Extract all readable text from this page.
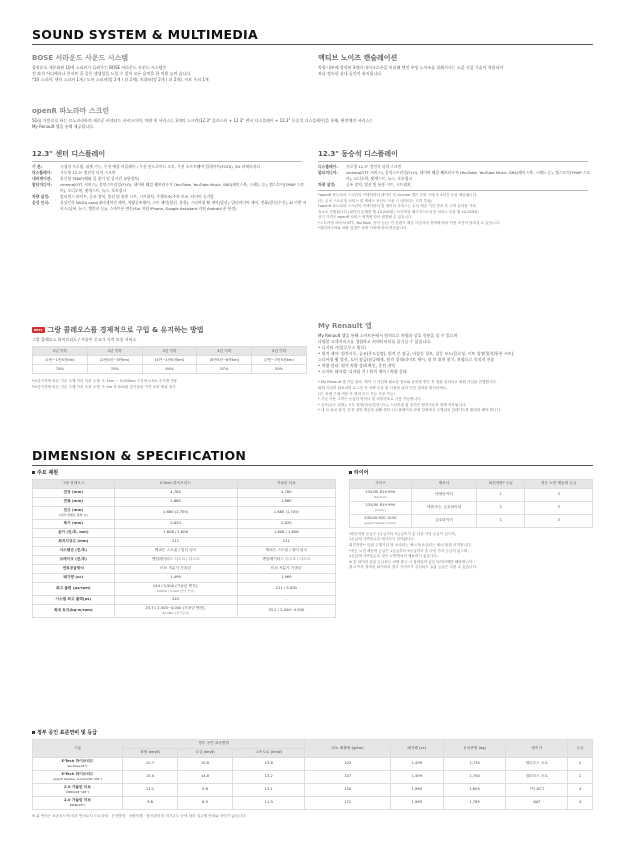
SOUND SYSTEM & MULTIMEDIA
BOSE 서라운드 사운드 시스템
음악분포 세분화된 10개 스피커가 들려주는 BOSE 서라운드 사운드 시스템은
전 좌석 어디에서나 콘서트 홀 같은 생생함을 느낄 수 있어 모든 음악을 한 차원 높여 줍니다.
*10 스피커: 센터 스피커 1개 / 도어 스피커(앞 2개 / 뒤 2개), 트위터(앞 2개 / 뒤 2개), 서브 우퍼 1개
액티브 노이즈 캔슬레이션
차량 내부에 장착된 3개의 마이크로폰을 이용해 엔진 부밍 노이즈를 상쇄시키는 소음 저감 기술이 적용되어
보다 정숙한 실내 공간이 유지됩니다.
openR 파노라마 스크린
5G를 기반으로 하는 르노코리아의 새로운 커넥티드 서비스이며, 차량 내 서비스는 3개의 스크린(12.3" 클러스터 + 12.3" 센터 디스플레이 + 12.3" 동승석 디스플레이)을 통해, 완전체의 서비스는
My Renault 앱을 통해 제공됩니다.
12.3" 센터 디스플레이
기 본:	시청자 프로필, 위젯 기능, 무선 애플 카플레이 / 무선 안드로이드 오토, 무선 소프트웨어 업데이트(FOTA), 5G 커넥티비티
닥스플레이:	가로형 12.3" 정전식 터치 스크린
내비게이션:	통신형 TMAP(해외 길 찾기 및 실시간 교통정보)
멀티미디어:	cinema(OTT 서비스), 음악스트리밍(FLO), 네이버 웨일 웹브라우저 (YouTube, YouTube Music, SNS(페이스북, 스레드 등), 앱스토어(TMAP 스토어), 오디오북, 팟캐스트, 뉴스, 포토링크
차량 설정:	멀티센스 라이트, 공조 장치, 열선 및 통풍 시트, 시트위치, 주행보조/주차 보조, 타이어 공기압
음성 인식:	음성인식 NUGU auto(내비게이션 제어, 차량공조제어, 시트 제어(열선, 통풍), 스티어링 휠 제어(열선), 멀티미디어 제어, 전화(발신/수신), AI 기반 서비스(날씨, 뉴스, 캘린더 등)), 스마트폰 연동(Siri 지원 iPhone, Google Assistant 지원 Android 폰 한정)
12.3" 동승석 디스플레이
디스플레이:	가로형 12.3" 정전식 터치 스크린
멀티미디어:	cinema(OTT 서비스), 음악스트리밍(FLO), 네이버 웨일 웹브라우저 (YouTube, YouTube Music, SNS(페이스북, 스레드 등), 앱스토어(TMAP 스토어), 오디오북, 팟캐스트, 뉴스, 포토링크
차량 설정:	공조 장치, 열선 및 통풍 시트, 시트위치
*openR 파노라마 스크린의 커넥티비티 데이터 및 cinema 앱은 신차 구매 후 5년간 무상 제공됩니다.
(단, 무선 스트리밍 서비스 및 액세스 포인트 사용 시 데이터는 고객 부담)
*openR 파노라마 스크린의 커넥티비티 및 데이터 서비스는 무상 제공 기간 종료 후 고객 동의를 거쳐
유료로 전환됩니다.(데이터 무제한 월 13,200원 / 프리미엄 패키지스트리밍 서비스 포함 월 24,200원)
상기 가격은 openR 서비스 정책에 따라 변경될 수 있습니다.
*스트리밍 서비스(OTT, YouTube, 음악 등)는 각 콘텐츠 제공 사업자의 정책에 따라 이용 조건이 달라질 수 있습니다.
*멀티미디어와 차량 설정은 차량 사양에 따라 변동됩니다.
BEST 그랑 콜레오스를 경제적으로 구입 & 유지하는 방법
그랑 콜레오스 하이브리드 / 가솔린 중고가 가격 보장 서비스
1년 이하	2년 이하	3년 이하	4년 이하	5년 이하
(1만~1만5천km)	(2만5천~3만km)	(4만~4만5천km)	(5만5천~6만km)	(7만~7만5천km)
75%	70%	64%	57%	50%
*보증기간에 따른 기준 주행 거리 이하 주행 시: 1km ~ 5,000km 구간당 0.5% 추가할 적용
*보증기간에 따른 기준 주행 거리 초과 주행 시: km 당 200원 감가상된 가격 보장 범위 절사
My Renault 앱
My Renault 앱을 통해 스마트폰에서 원격으로 차량과 상호 작용을 할 수 있으며
다양한 고객서비스를 경험하고 커넥티비티를 즐기실 수 있습니다.
• 디지털 키(블루투스 방식)
• 원격 제어: 원격시동, 공조(온도설정), 원격 문 잠금, 비상등 경보, 창문 모드/클로징, 시트 설정(열선/통풍 시트),
스티어링 휠 열선, 도어 잠금/잠금해제, 원격 경적/라이트 제어, 내 차 위치 찾기, 차량으로 목적지 전송
• 차량 관리: 원격 차량 상태 확인, 운전 내역
• 스마트 쉐어링: 디지털 키 / 원격 제어 / 차량 상태
* My Renault 앱 가입 절차: 계약 시 가입에 필요한 정보와 동의를 받은 후 앱을 설치하고 회원 가입을 진행합니다.
회원 가입이 완료되면 로그인 후 차량 등록 및 사용을 위한 인증 절차를 확인하세요.
(단, 차량 구매 적용 후 명의 모드 가능 사용 가능)
* 기존 사용 고객은 동일한 아이디 및 비밀번호로 사용 가능합니다.
* 공조(온도 설정), 시트 설정(열선/통풍시트), 스티어링 휠 열선은 원격시동과 함께 작동됩니다.
* 내 차 위치 찾기, 운전 내역 제공을 위해 센터 디스플레이의 차량 설정에서 주행위치 업데이트를 활성화 해야 합니다.
DIMENSION & SPECIFICATION
주요 제원
그랑 콜레오스	E-Tech 하이브리드	가솔린 터보
전장 (mm)	4,780	4,780
전폭 (mm)	1,880	1,880
전고 (mm)
(사각 안테나 장착 시)	1,680 (1,705)	1,680 (1,705)
축거 (mm)	2,820	2,820
윤거 (전/후, mm)	1,608 / 1,606	1,608 / 1,606
최저지상고 (mm)	211	211
서스펜션 (전/후)	맥퍼슨 스트럿 / 멀티 링크	맥퍼슨 스트럿 / 멀티 링크
브레이크 (전/후)	벤틸레이티드 디스크 / 디스크	벤틸레이티드 디스크 / 디스크
연료공급방식	터보 직분사 가솔린	터보 직분사 가솔린
배기량 (cc)	1,499	1,969
최고 출력 (ps/rpm)	144 / 5,500 (가솔린 엔진),
100kW / 3,400 (전기 모터)	211 / 5,000
시스템 최고 출력(ps)	245	-
최대 토크(kg·m/rpm)	23.5 / 2,500~4,000 (가솔린 엔진),
32.0Nm (전기모터)	33.2 / 2,000~4,500
타이어
사이즈	제조사	회전저항* 등급	젖은 노면 제동력 등급
235/50 R19 99V
(techno)	넥센타이어	1	3
235/50 R19 99V
(iconic)	넥센 또는 금호타이어	1	3
245/45 R20 103V
(esprit Alpine, iconic)	금호타이어	1	3
*회전저항 등급은 1등급부터 5등급까지 총 다섯 가지 등급이 있으며,
1등급에 가까울수록 에너지가 절약됩니다.
회전저항*: 단위 주행거리 당 소비되는 에너지(소실되는 에너지)를 의미합니다.
*젖은 노면 제동력 등급은 1등급부터 5등급까지 총 다섯 가지 등급이 있으며,
1등급에 가까울수록 젖은 노면에서의 제동력이 좋습니다.
※ 본 타이어 효율 등급표는 차량 출고 시 장착되어 있던 타이어에만 해당합니다.
출고 이후 장착한 타이어의 경우 사이즈가 같더라도 효율 등급은 다를 수 있습니다.
정부 공인 표준연비 및 등급
구분	정부 공인 표준연비			CO₂ 배출량 (g/km)	배기량 (cc)	공차중량 (kg)	변속기	등급
	복합 (km/ℓ)	도심 (km/ℓ)	고속도로 (km/ℓ)					
E-Tech 하이브리드
techno(19")	15.7	15.6	15.8	102	1,499	1,735	멀티모드 오토	2
E-Tech 하이브리드
esprit Alpine, iconic(19"/20")	15.0	14.8	15.2	107	1,499	1,750	멀티모드 오토	2
2.0 가솔린 터보
2WD(19"/20")	11.1	9.8	13.1	150	1,969	1,655	7단 DCT	4
2.0 가솔린 터보
4WD(20")	9.8	8.5	11.9	172	1,969	1,765	8AT	4
※ 위 연비는 표준모드에 의한 연비로서 도로상태 · 운전방법 · 차량적재 · 정비상태 및 외기온도 등에 따라 실주행 연비와 차이가 있습니다.
